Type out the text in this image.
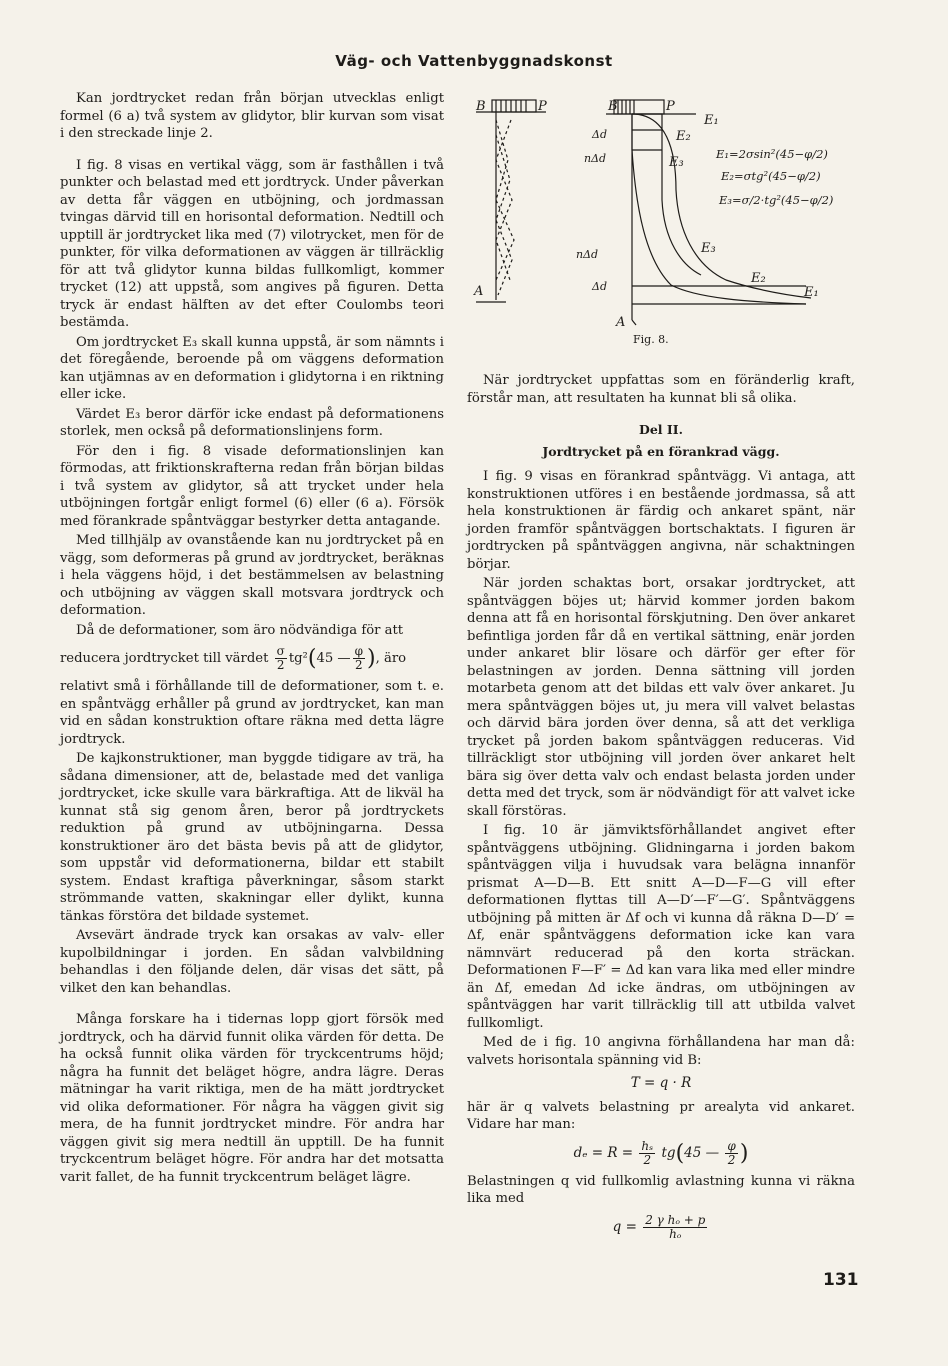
Väg- och Vattenbyggnadskonst
B	P
A
B	P
A
Δd
nΔd
nΔd
Δd
E₁
E₂
E₃
E₃
E₂
E₁
E₁=2σsin²(45−φ/2)
E₂=σtg²(45−φ/2)
E₃=σ/2·tg²(45−φ/2)
Fig. 8.

Kan jordtrycket redan från början utvecklas enligt formel (6 a) två system av glidytor, blir kurvan som visat i den streckade linje 2.

I fig. 8 visas en vertikal vägg, som är fasthållen i två punkter och belastad med ett jordtryck. Under påverkan av detta får väggen en utböjning, och jordmassan tvingas därvid till en horisontal deformation. Nedtill och upptill är jordtrycket lika med (7) vilotrycket, men för de punkter, för vilka deformationen av väggen är tillräcklig för att två glidytor kunna bildas fullkomligt, kommer trycket (12) att uppstå, som angives på figuren. Detta tryck är endast hälften av det efter Coulombs teori bestämda.

Om jordtrycket E₃ skall kunna uppstå, är som nämnts i det föregående, beroende på om väggens deformation kan utjämnas av en deformation i glidytorna i en riktning eller icke.

Värdet E₃ beror därför icke endast på deformationens storlek, men också på deformationslinjens form.

För den i fig. 8 visade deformationslinjen kan förmodas, att friktionskrafterna redan från början bildas i två system av glidytor, så att trycket under hela utböjningen fortgår enligt formel (6) eller (6 a). Försök med förankrade spåntväggar bestyrker detta antagande.

Med tillhjälp av ovanstående kan nu jordtrycket på en vägg, som deformeras på grund av jordtrycket, beräknas i hela väggens höjd, i det bestämmelsen av belastning och utböjning av väggen skall motsvara jordtryck och deformation.

Då de deformationer, som äro nödvändiga för att

reducera jordtrycket till värdet
$\frac{\sigma}{2} tg^2$ ( 45 — $\frac{\varphi}{2}$ ) , äro

relativt små i förhållande till de deformationer, som t. e. en spåntvägg erhåller på grund av jordtrycket, kan man vid en sådan konstruktion oftare räkna med detta lägre jordtryck.

De kajkonstruktioner, man byggde tidigare av trä, ha sådana dimensioner, att de, belastade med det vanliga jordtrycket, icke skulle vara bärkraftiga. Att de likväl ha kunnat stå sig genom åren, beror på jordtryckets reduktion på grund av utböjningarna. Dessa konstruktioner äro det bästa bevis på att de glidytor, som uppstår vid deformationerna, bildar ett stabilt system. Endast kraftiga påverkningar, såsom starkt strömmande vatten, skakningar eller dylikt, kunna tänkas förstöra det bildade systemet.

Avsevärt ändrade tryck kan orsakas av valv- eller kupolbildningar i jorden. En sådan valvbildning behandlas i den följande delen, där visas det sätt, på vilket den kan behandlas.

Många forskare ha i tidernas lopp gjort försök med jordtryck, och ha därvid funnit olika värden för detta. De ha också funnit olika värden för tryckcentrums höjd; några ha funnit det beläget högre, andra lägre. Deras mätningar ha varit riktiga, men de ha mätt jordtrycket vid olika deformationer. För några ha väggen givit sig mera, de ha funnit jordtrycket mindre. För andra har väggen givit sig mera nedtill än upptill. De ha funnit tryckcentrum beläget högre. För andra har det motsatta varit fallet, de ha funnit tryckcentrum beläget lägre.

När jordtrycket uppfattas som en föränderlig kraft, förstår man, att resultaten ha kunnat bli så olika.

Del II.
Jordtrycket på en förankrad vägg.

I fig. 9 visas en förankrad spåntvägg. Vi antaga, att konstruktionen utföres i en bestående jordmassa, så att hela konstruktionen är färdig och ankaret spänt, när jorden framför spåntväggen bortschaktats. I figuren är jordtrycken på spåntväggen angivna, när schaktningen börjar.

När jorden schaktas bort, orsakar jordtrycket, att spåntväggen böjes ut; härvid kommer jorden bakom denna att få en horisontal förskjutning. Den över ankaret befintliga jorden får då en vertikal sättning, enär jorden under ankaret blir lösare och därför ger efter för belastningen av jorden. Denna sättning vill jorden motarbeta genom att det bildas ett valv över ankaret. Ju mera spåntväggen böjes ut, ju mera vill valvet belastas och därvid bära jorden över denna, så att det verkliga trycket på jorden bakom spåntväggen reduceras. Vid tillräckligt stor utböjning vill jorden över ankaret helt bära sig över detta valv och endast belasta jorden under detta med det tryck, som är nödvändigt för att valvet icke skall förstöras.

I fig. 10 är jämviktsförhållandet angivet efter spåntväggens utböjning. Glidningarna i jorden bakom spåntväggen vilja i huvudsak vara belägna innanför prismat A—D—B. Ett snitt A—D—F—G vill efter deformationen flyttas till A—D′—F′—G′. Spåntväggens utböjning på mitten är Δf och vi kunna då räkna D—D′ = Δf, enär spåntväggens deformation icke kan vara nämnvärt reducerad på den korta sträckan. Deformationen F—F′ = Δd kan vara lika med eller mindre än Δf, emedan Δd icke ändras, om utböjningen av spåntväggen har varit tillräcklig till att utbilda valvet fullkomligt.

Med de i fig. 10 angivna förhållandena har man då: valvets horisontala spänning vid B:

T = q · R

här är q valvets belastning pr arealyta vid ankaret. Vidare har man:

$d_e = R = \frac{\text{hₛ}}{2} tg(45$ — $\frac{\varphi}{2}$ )

Belastningen q vid fullkomlig avlastning kunna vi räkna lika med

$q = \frac{\text{2 γ hₒ + p}}{\text{hₒ}}$
131
